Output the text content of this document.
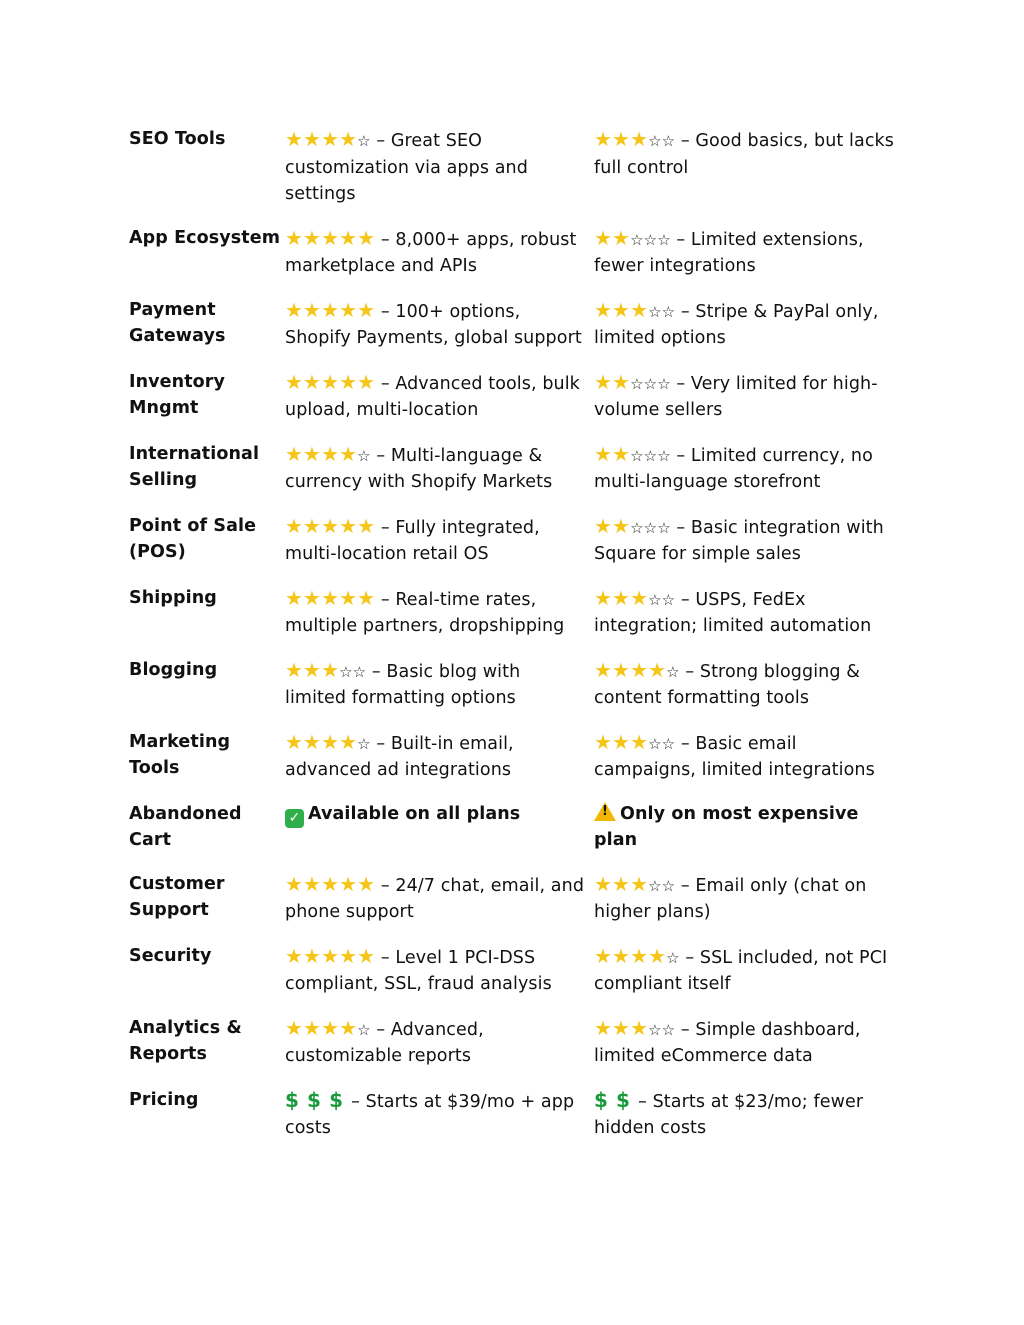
SEO Tools	★★★★☆ – Great SEO customization via apps and settings
★★★☆☆ – Good basics, but lacks full control
App Ecosystem ★★★★★ – 8,000+ apps, robust marketplace and APIs
★★☆☆☆ – Limited extensions, fewer integrations
Payment Gateways
★★★★★ – 100+ options, Shopify Payments, global support
★★★☆☆ – Stripe & PayPal only, limited options
Inventory Mngmt
★★★★★ – Advanced tools, bulk upload, multi-location
★★☆☆☆ – Very limited for high-volume sellers
International Selling
★★★★☆ – Multi-language & currency with Shopify Markets
★★☆☆☆ – Limited currency, no multi-language storefront
Point of Sale (POS)
★★★★★ – Fully integrated, multi-location retail OS
★★☆☆☆ – Basic integration with Square for simple sales
Shipping	★★★★★ – Real-time rates, multiple partners, dropshipping
★★★☆☆ – USPS, FedEx integration; limited automation
Blogging	★★★☆☆ – Basic blog with limited formatting options
★★★★☆ – Strong blogging & content formatting tools
Marketing Tools
★★★★☆ – Built-in email, advanced ad integrations
★★★☆☆ – Basic email campaigns, limited integrations
Abandoned Cart
✓ Available on all plans
!	Only on most expensive plan
Customer Support
★★★★★ – 24/7 chat, email, and phone support
★★★☆☆ – Email only (chat on higher plans)
Security	★★★★★ – Level 1 PCI-DSS compliant, SSL, fraud analysis
★★★★☆ – SSL included, not PCI compliant itself
Analytics & Reports
★★★★☆ – Advanced, customizable reports
★★★☆☆ – Simple dashboard, limited eCommerce data
Pricing	$ $ $ – Starts at $39/mo + app costs
$ $ – Starts at $23/mo; fewer hidden costs
